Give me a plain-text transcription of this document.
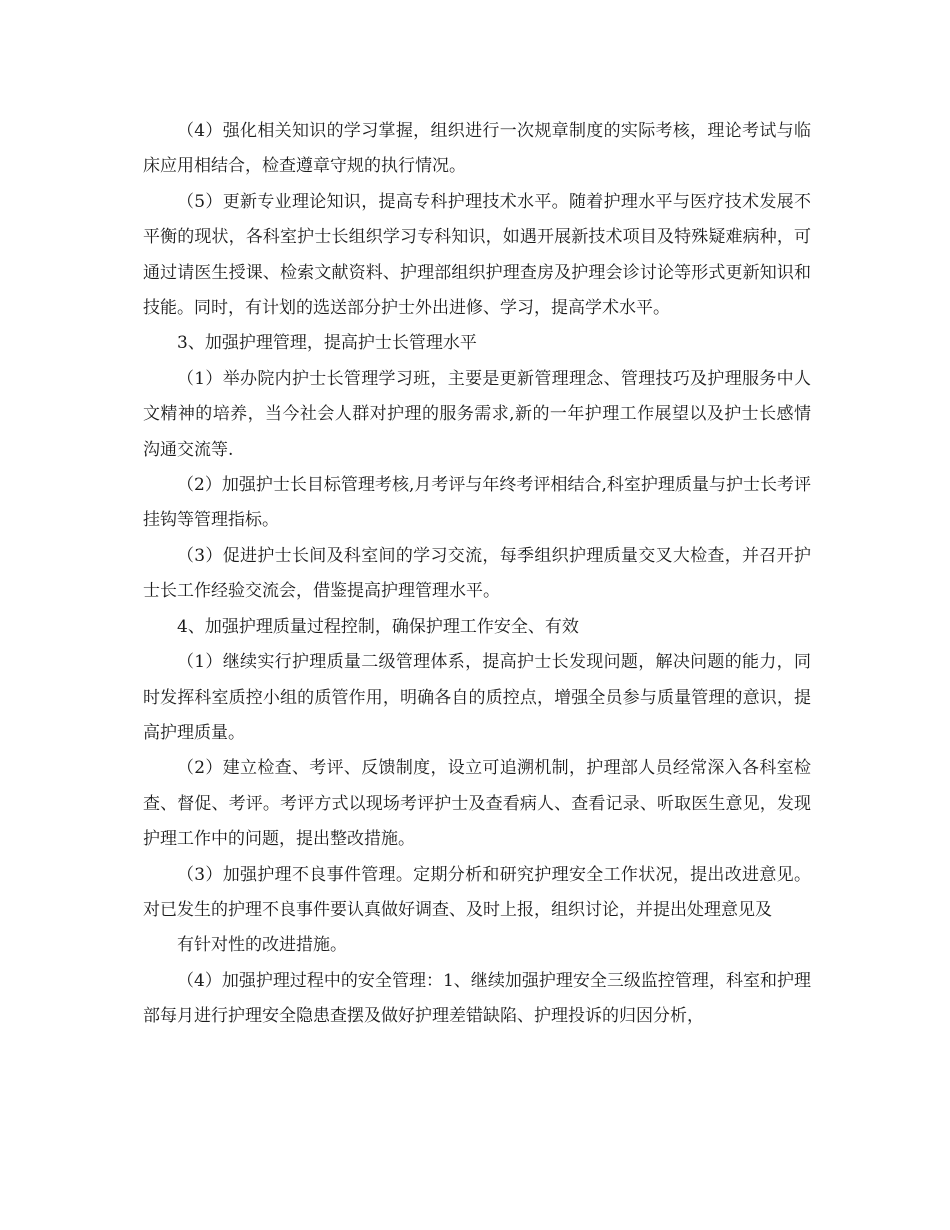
（4）强化相关知识的学习掌握，组织进行一次规章制度的实际考核，理论考试与临床应用相结合，检查遵章守规的执行情况。

（5）更新专业理论知识，提高专科护理技术水平。随着护理水平与医疗技术发展不平衡的现状，各科室护士长组织学习专科知识，如遇开展新技术项目及特殊疑难病种，可通过请医生授课、检索文献资料、护理部组织护理查房及护理会诊讨论等形式更新知识和技能。同时，有计划的选送部分护士外出进修、学习，提高学术水平。

3、加强护理管理，提高护士长管理水平

（1）举办院内护士长管理学习班，主要是更新管理理念、管理技巧及护理服务中人文精神的培养，当今社会人群对护理的服务需求,新的一年护理工作展望以及护士长感情沟通交流等.

（2）加强护士长目标管理考核,月考评与年终考评相结合,科室护理质量与护士长考评挂钩等管理指标。

（3）促进护士长间及科室间的学习交流，每季组织护理质量交叉大检查，并召开护士长工作经验交流会，借鉴提高护理管理水平。

4、加强护理质量过程控制，确保护理工作安全、有效

（1）继续实行护理质量二级管理体系，提高护士长发现问题，解决问题的能力，同时发挥科室质控小组的质管作用，明确各自的质控点，增强全员参与质量管理的意识，提高护理质量。

（2）建立检查、考评、反馈制度，设立可追溯机制，护理部人员经常深入各科室检查、督促、考评。考评方式以现场考评护士及查看病人、查看记录、听取医生意见，发现护理工作中的问题，提出整改措施。

（3）加强护理不良事件管理。定期分析和研究护理安全工作状况，提出改进意见。对已发生的护理不良事件要认真做好调查、及时上报，组织讨论，并提出处理意见及

有针对性的改进措施。

（4）加强护理过程中的安全管理：1、继续加强护理安全三级监控管理，科室和护理部每月进行护理安全隐患查摆及做好护理差错缺陷、护理投诉的归因分析，
